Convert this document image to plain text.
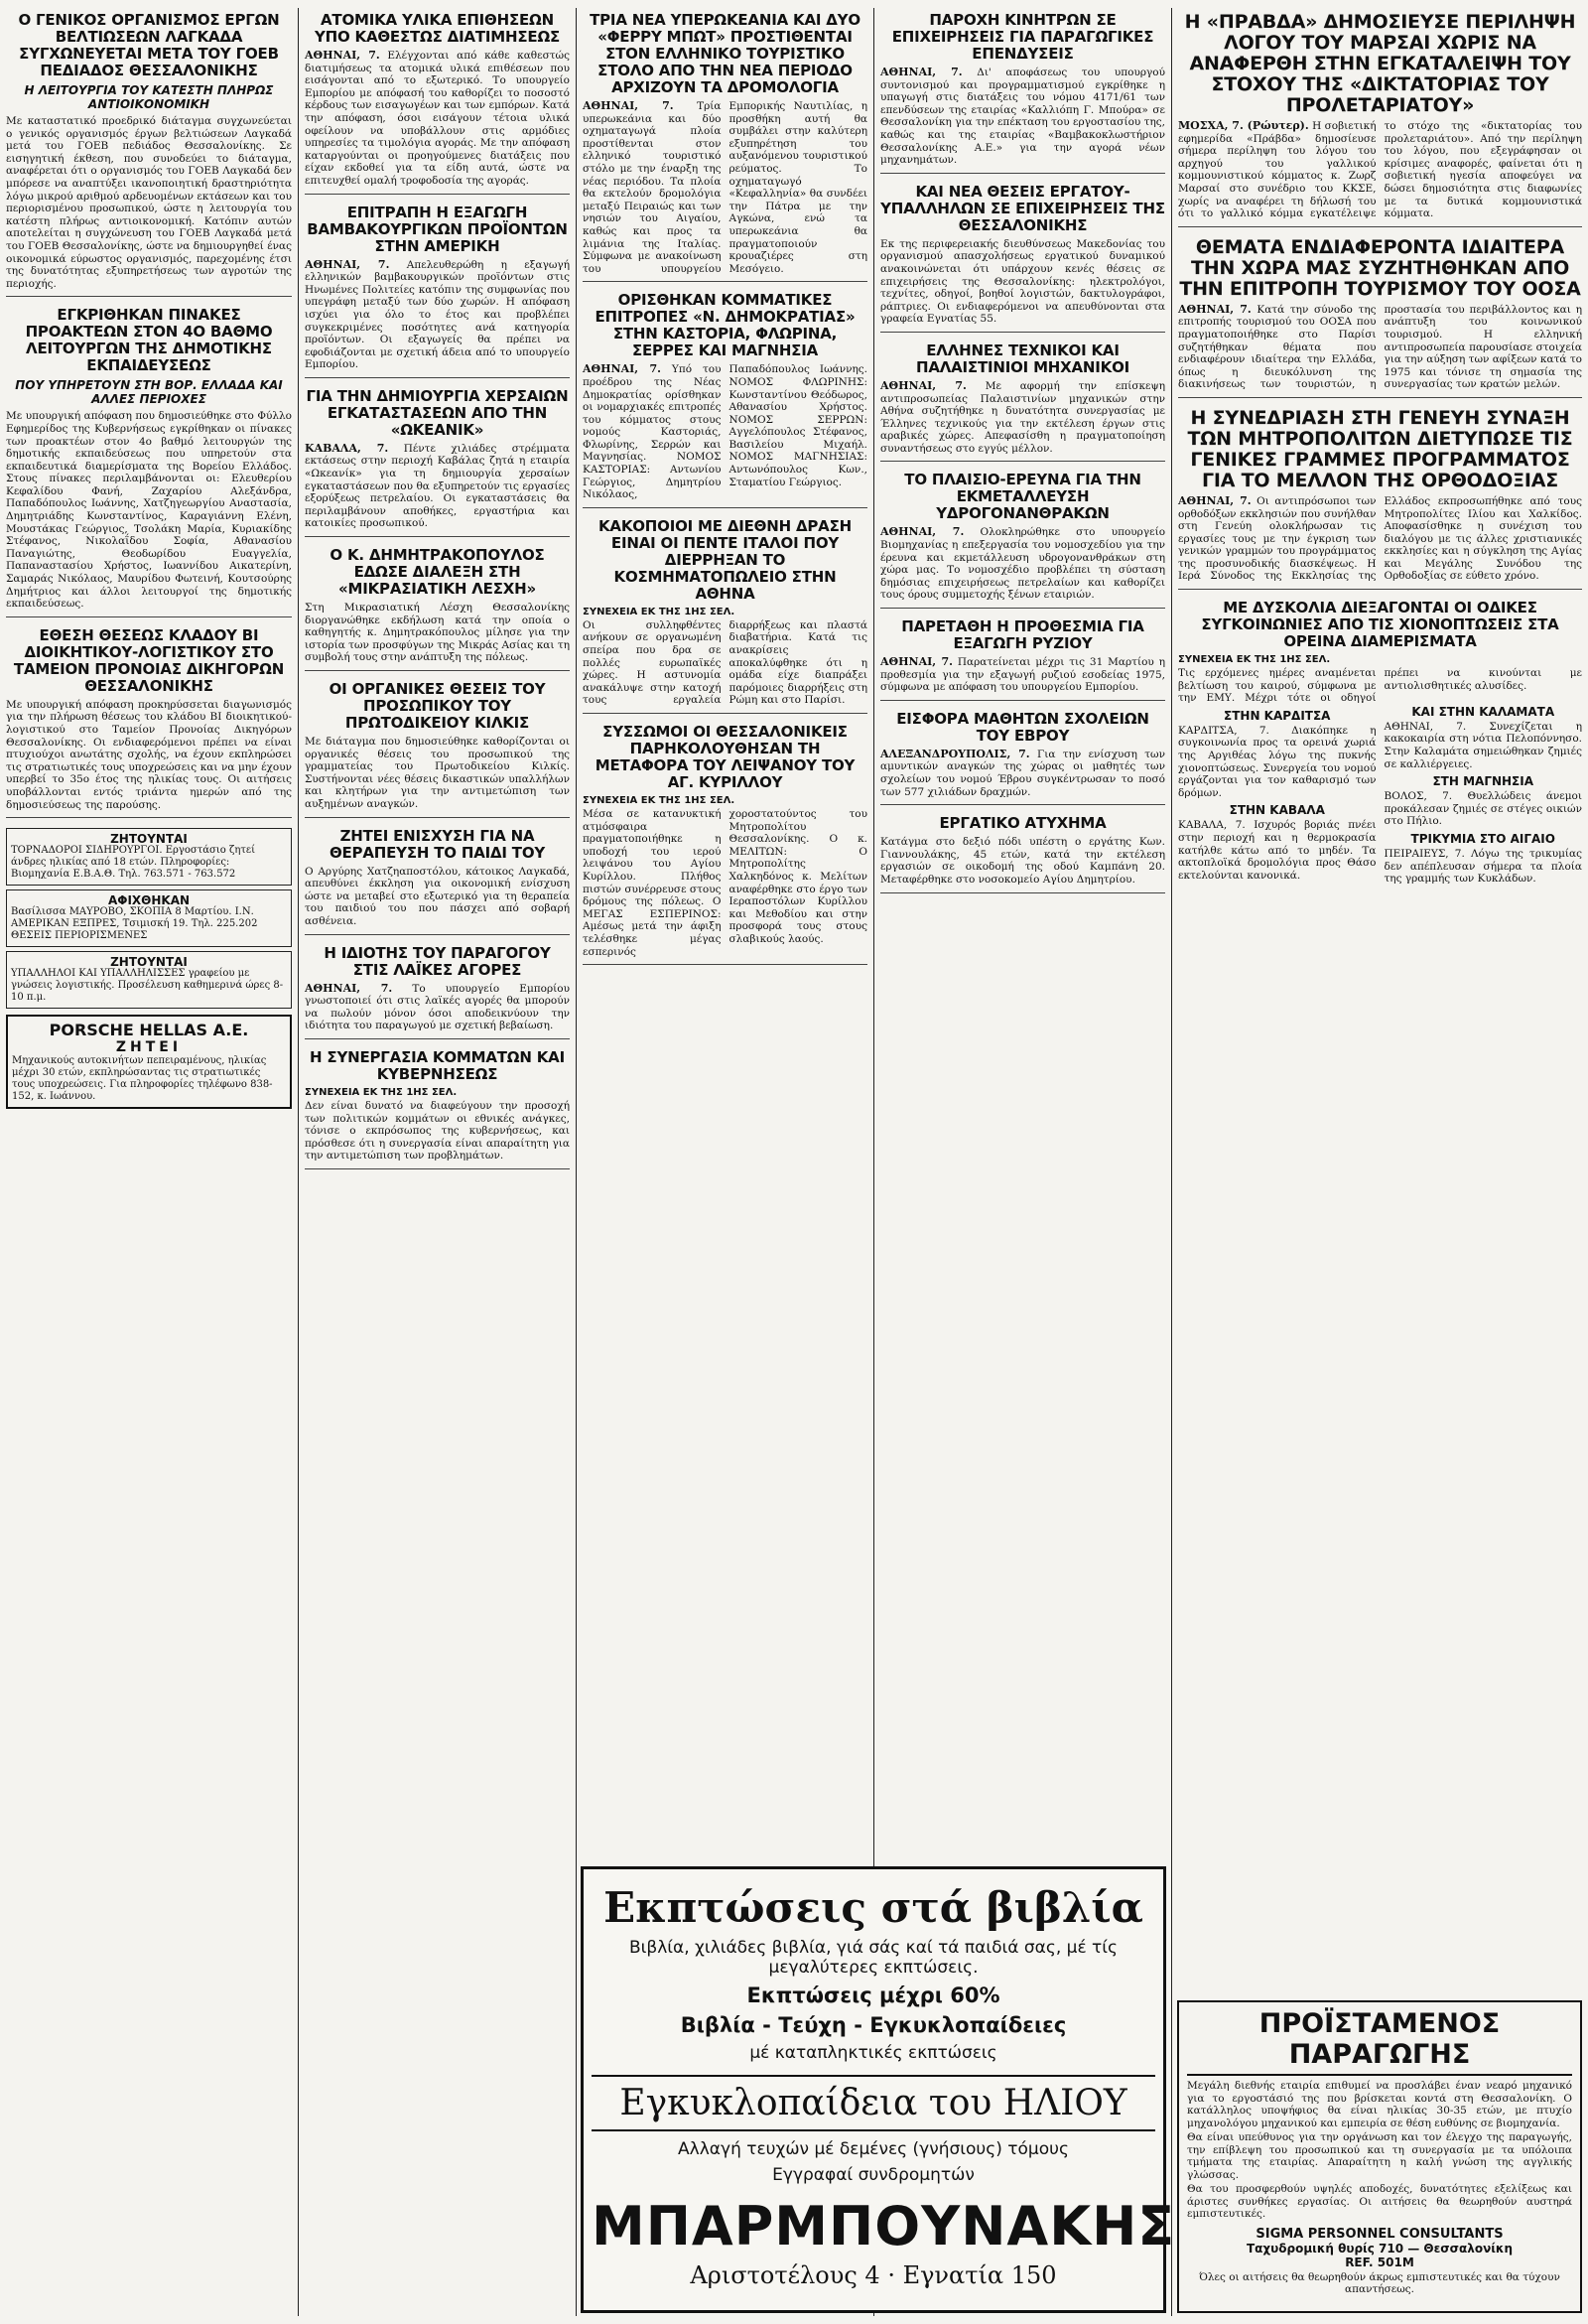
Ο ΓΕΝΙΚΟΣ ΟΡΓΑΝΙΣΜΟΣ ΕΡΓΩΝ ΒΕΛΤΙΩΣΕΩΝ ΛΑΓΚΑΔΑ ΣΥΓΧΩΝΕΥΕΤΑΙ ΜΕΤΑ ΤΟΥ ΓΟΕΒ ΠΕΔΙΑΔΟΣ ΘΕΣΣΑΛΟΝΙΚΗΣ
Η ΛΕΙΤΟΥΡΓΙΑ ΤΟΥ ΚΑΤΕΣΤΗ ΠΛΗΡΩΣ ΑΝΤΙΟΙΚΟΝΟΜΙΚΗ

Με καταστατικό προεδρικό διάταγμα συγχωνεύεται ο γενικός οργανισμός έργων βελτιώσεων Λαγκαδά μετά του ΓΟΕΒ πεδιάδος Θεσσαλονίκης. Σε εισηγητική έκθεση, που συνοδεύει το διάταγμα, αναφέρεται ότι ο οργανισμός του ΓΟΕΒ Λαγκαδά δεν μπόρεσε να αναπτύξει ικανοποιητική δραστηριότητα λόγω μικρού αριθμού αρδευομένων εκτάσεων και του περιορισμένου προσωπικού, ώστε η λειτουργία του κατέστη πλήρως αντιοικονομική. Κατόπιν αυτών αποτελείται η συγχώνευση του ΓΟΕΒ Λαγκαδά μετά του ΓΟΕΒ Θεσσαλονίκης, ώστε να δημιουργηθεί ένας οικονομικά εύρωστος οργανισμός, παρεχομένης έτσι της δυνατότητας εξυπηρετήσεως των αγροτών της περιοχής.

ΕΓΚΡΙΘΗΚΑΝ ΠΙΝΑΚΕΣ ΠΡΟΑΚΤΕΩΝ ΣΤΟΝ 4Ο ΒΑΘΜΟ ΛΕΙΤΟΥΡΓΩΝ ΤΗΣ ΔΗΜΟΤΙΚΗΣ ΕΚΠΑΙΔΕΥΣΕΩΣ
ΠΟΥ ΥΠΗΡΕΤΟΥΝ ΣΤΗ ΒΟΡ. ΕΛΛΑΔΑ ΚΑΙ ΑΛΛΕΣ ΠΕΡΙΟΧΕΣ

Με υπουργική απόφαση που δημοσιεύθηκε στο Φύλλο Εφημερίδος της Κυβερνήσεως εγκρίθηκαν οι πίνακες των προακτέων στον 4ο βαθμό λειτουργών της δημοτικής εκπαιδεύσεως που υπηρετούν στα εκπαιδευτικά διαμερίσματα της Βορείου Ελλάδος. Στους πίνακες περιλαμβάνονται οι: Ελευθερίου Κεφαλίδου Φανή, Ζαχαρίου Αλεξάνδρα, Παπαδόπουλος Ιωάννης, Χατζηγεωργίου Αναστασία, Δημητριάδης Κωνσταντίνος, Καραγιάννη Ελένη, Μουστάκας Γεώργιος, Τσολάκη Μαρία, Κυριακίδης Στέφανος, Νικολαΐδου Σοφία, Αθανασίου Παναγιώτης, Θεοδωρίδου Ευαγγελία, Παπαναστασίου Χρήστος, Ιωαννίδου Αικατερίνη, Σαμαράς Νικόλαος, Μαυρίδου Φωτεινή, Κουτσούρης Δημήτριος και άλλοι λειτουργοί της δημοτικής εκπαιδεύσεως.

ΕΘΕΣΗ ΘΕΣΕΩΣ ΚΛΑΔΟΥ ΒΙ ΔΙΟΙΚΗΤΙΚΟΥ-ΛΟΓΙΣΤΙΚΟΥ ΣΤΟ ΤΑΜΕΙΟΝ ΠΡΟΝΟΙΑΣ ΔΙΚΗΓΟΡΩΝ ΘΕΣΣΑΛΟΝΙΚΗΣ

Με υπουργική απόφαση προκηρύσσεται διαγωνισμός για την πλήρωση θέσεως του κλάδου ΒΙ διοικητικού-λογιστικού στο Ταμείον Προνοίας Δικηγόρων Θεσσαλονίκης. Οι ενδιαφερόμενοι πρέπει να είναι πτυχιούχοι ανωτάτης σχολής, να έχουν εκπληρώσει τις στρατιωτικές τους υποχρεώσεις και να μην έχουν υπερβεί το 35ο έτος της ηλικίας τους. Οι αιτήσεις υποβάλλονται εντός τριάντα ημερών από της δημοσιεύσεως της παρούσης.

ΖΗΤΟΥΝΤΑΙ
ΤΟΡΝΑΔΟΡΟΙ ΣΙΔΗΡΟΥΡΓΟΙ. Εργοστάσιο ζητεί άνδρες ηλικίας από 18 ετών. Πληροφορίες: Βιομηχανία Ε.Β.Α.Θ. Τηλ. 763.571 - 763.572
ΑΦΙΧΘΗΚΑΝ
Βασίλισσα ΜΑΥΡΟΒΟ, ΣΚΟΠΙΑ 8 Μαρτίου. Ι.Ν. ΑΜΕΡΙΚΑΝ ΕΞΠΡΕΣ, Τσιμισκή 19. Τηλ. 225.202 ΘΕΣΕΙΣ ΠΕΡΙΟΡΙΣΜΕΝΕΣ
ΖΗΤΟΥΝΤΑΙ
ΥΠΑΛΛΗΛΟΙ ΚΑΙ ΥΠΑΛΛΗΛΙΣΣΕΣ γραφείου με γνώσεις λογιστικής. Προσέλευση καθημερινά ώρες 8-10 π.μ.
PORSCHE HELLAS A.E.
ΖΗΤΕΙ
Μηχανικούς αυτοκινήτων πεπειραμένους, ηλικίας μέχρι 30 ετών, εκπληρώσαντας τις στρατιωτικές τους υποχρεώσεις. Για πληροφορίες τηλέφωνο 838-152, κ. Ιωάννου.
ΑΤΟΜΙΚΑ ΥΛΙΚΑ ΕΠΙΘΗΣΕΩΝ ΥΠΟ ΚΑΘΕΣΤΩΣ ΔΙΑΤΙΜΗΣΕΩΣ

ΑΘΗΝΑΙ, 7. Ελέγχονται από κάθε καθεστώς διατιμήσεως τα ατομικά υλικά επιθέσεων που εισάγονται από το εξωτερικό. Το υπουργείο Εμπορίου με απόφασή του καθορίζει το ποσοστό κέρδους των εισαγωγέων και των εμπόρων. Κατά την απόφαση, όσοι εισάγουν τέτοια υλικά οφείλουν να υποβάλλουν στις αρμόδιες υπηρεσίες τα τιμολόγια αγοράς. Με την απόφαση καταργούνται οι προηγούμενες διατάξεις που είχαν εκδοθεί για τα είδη αυτά, ώστε να επιτευχθεί ομαλή τροφοδοσία της αγοράς.

ΕΠΙΤΡΑΠΗ Η ΕΞΑΓΩΓΗ ΒΑΜΒΑΚΟΥΡΓΙΚΩΝ ΠΡΟΪΟΝΤΩΝ ΣΤΗΝ ΑΜΕΡΙΚΗ

ΑΘΗΝΑΙ, 7. Απελευθερώθη η εξαγωγή ελληνικών βαμβακουργικών προϊόντων στις Ηνωμένες Πολιτείες κατόπιν της συμφωνίας που υπεγράφη μεταξύ των δύο χωρών. Η απόφαση ισχύει για όλο το έτος και προβλέπει συγκεκριμένες ποσότητες ανά κατηγορία προϊόντων. Οι εξαγωγείς θα πρέπει να εφοδιάζονται με σχετική άδεια από το υπουργείο Εμπορίου.

ΓΙΑ ΤΗΝ ΔΗΜΙΟΥΡΓΙΑ ΧΕΡΣΑΙΩΝ ΕΓΚΑΤΑΣΤΑΣΕΩΝ ΑΠΟ ΤΗΝ «ΩΚΕΑΝΙΚ»

ΚΑΒΑΛΑ, 7. Πέντε χιλιάδες στρέμματα εκτάσεως στην περιοχή Καβάλας ζητά η εταιρία «Ωκεανίκ» για τη δημιουργία χερσαίων εγκαταστάσεων που θα εξυπηρετούν τις εργασίες εξορύξεως πετρελαίου. Οι εγκαταστάσεις θα περιλαμβάνουν αποθήκες, εργαστήρια και κατοικίες προσωπικού.

Ο Κ. ΔΗΜΗΤΡΑΚΟΠΟΥΛΟΣ ΕΔΩΣΕ ΔΙΑΛΕΞΗ ΣΤΗ «ΜΙΚΡΑΣΙΑΤΙΚΗ ΛΕΣΧΗ»

Στη Μικρασιατική Λέσχη Θεσσαλονίκης διοργανώθηκε εκδήλωση κατά την οποία ο καθηγητής κ. Δημητρακόπουλος μίλησε για την ιστορία των προσφύγων της Μικράς Ασίας και τη συμβολή τους στην ανάπτυξη της πόλεως.

ΟΙ ΟΡΓΑΝΙΚΕΣ ΘΕΣΕΙΣ ΤΟΥ ΠΡΟΣΩΠΙΚΟΥ ΤΟΥ ΠΡΩΤΟΔΙΚΕΙΟΥ ΚΙΛΚΙΣ

Με διάταγμα που δημοσιεύθηκε καθορίζονται οι οργανικές θέσεις του προσωπικού της γραμματείας του Πρωτοδικείου Κιλκίς. Συστήνονται νέες θέσεις δικαστικών υπαλλήλων και κλητήρων για την αντιμετώπιση των αυξημένων αναγκών.

ΖΗΤΕΙ ΕΝΙΣΧΥΣΗ ΓΙΑ ΝΑ ΘΕΡΑΠΕΥΣΗ ΤΟ ΠΑΙΔΙ ΤΟΥ

Ο Αργύρης Χατζηαποστόλου, κάτοικος Λαγκαδά, απευθύνει έκκληση για οικονομική ενίσχυση ώστε να μεταβεί στο εξωτερικό για τη θεραπεία του παιδιού του που πάσχει από σοβαρή ασθένεια.

Η ΙΔΙΟΤΗΣ ΤΟΥ ΠΑΡΑΓΟΓΟΥ ΣΤΙΣ ΛΑΪΚΕΣ ΑΓΟΡΕΣ

ΑΘΗΝΑΙ, 7. Το υπουργείο Εμπορίου γνωστοποιεί ότι στις λαϊκές αγορές θα μπορούν να πωλούν μόνον όσοι αποδεικνύουν την ιδιότητα του παραγωγού με σχετική βεβαίωση.

Η ΣΥΝΕΡΓΑΣΙΑ ΚΟΜΜΑΤΩΝ ΚΑΙ ΚΥΒΕΡΝΗΣΕΩΣ
ΣΥΝΕΧΕΙΑ ΕΚ ΤΗΣ 1ΗΣ ΣΕΛ.

Δεν είναι δυνατό να διαφεύγουν την προσοχή των πολιτικών κομμάτων οι εθνικές ανάγκες, τόνισε ο εκπρόσωπος της κυβερνήσεως, και πρόσθεσε ότι η συνεργασία είναι απαραίτητη για την αντιμετώπιση των προβλημάτων.

ΤΡΙΑ ΝΕΑ ΥΠΕΡΩΚΕΑΝΙΑ ΚΑΙ ΔΥΟ «ΦΕΡΡΥ ΜΠΩΤ» ΠΡΟΣΤΙΘΕΝΤΑΙ ΣΤΟΝ ΕΛΛΗΝΙΚΟ ΤΟΥΡΙΣΤΙΚΟ ΣΤΟΛΟ ΑΠΟ ΤΗΝ ΝΕΑ ΠΕΡΙΟΔΟ ΑΡΧΙΖΟΥΝ ΤΑ ΔΡΟΜΟΛΟΓΙΑ

ΑΘΗΝΑΙ, 7. Τρία υπερωκεάνια και δύο οχηματαγωγά πλοία προστίθενται στον ελληνικό τουριστικό στόλο με την έναρξη της νέας περιόδου. Τα πλοία θα εκτελούν δρομολόγια μεταξύ Πειραιώς και των νησιών του Αιγαίου, καθώς και προς τα λιμάνια της Ιταλίας. Σύμφωνα με ανακοίνωση του υπουργείου Εμπορικής Ναυτιλίας, η προσθήκη αυτή θα συμβάλει στην καλύτερη εξυπηρέτηση του αυξανόμενου τουριστικού ρεύματος. Το οχηματαγωγό «Κεφαλληνία» θα συνδέει την Πάτρα με την Αγκώνα, ενώ τα υπερωκεάνια θα πραγματοποιούν κρουαζιέρες στη Μεσόγειο.

ΟΡΙΣΘΗΚΑΝ ΚΟΜΜΑΤΙΚΕΣ ΕΠΙΤΡΟΠΕΣ «Ν. ΔΗΜΟΚΡΑΤΙΑΣ» ΣΤΗΝ ΚΑΣΤΟΡΙΑ, ΦΛΩΡΙΝΑ, ΣΕΡΡΕΣ ΚΑΙ ΜΑΓΝΗΣΙΑ

ΑΘΗΝΑΙ, 7. Υπό του προέδρου της Νέας Δημοκρατίας ορίσθηκαν οι νομαρχιακές επιτροπές του κόμματος στους νομούς Καστοριάς, Φλωρίνης, Σερρών και Μαγνησίας. ΝΟΜΟΣ ΚΑΣΤΟΡΙΑΣ: Αντωνίου Γεώργιος, Δημητρίου Νικόλαος, Παπαδόπουλος Ιωάννης. ΝΟΜΟΣ ΦΛΩΡΙΝΗΣ: Κωνσταντίνου Θεόδωρος, Αθανασίου Χρήστος. ΝΟΜΟΣ ΣΕΡΡΩΝ: Αγγελόπουλος Στέφανος, Βασιλείου Μιχαήλ. ΝΟΜΟΣ ΜΑΓΝΗΣΙΑΣ: Αντωνόπουλος Κων., Σταματίου Γεώργιος.

ΚΑΚΟΠΟΙΟΙ ΜΕ ΔΙΕΘΝΗ ΔΡΑΣΗ ΕΙΝΑΙ ΟΙ ΠΕΝΤΕ ΙΤΑΛΟΙ ΠΟΥ ΔΙΕΡΡΗΞΑΝ ΤΟ ΚΟΣΜΗΜΑΤΟΠΩΛΕΙΟ ΣΤΗΝ ΑΘΗΝΑ
ΣΥΝΕΧΕΙΑ ΕΚ ΤΗΣ 1ΗΣ ΣΕΛ.

Οι συλληφθέντες ανήκουν σε οργανωμένη σπείρα που δρα σε πολλές ευρωπαϊκές χώρες. Η αστυνομία ανακάλυψε στην κατοχή τους εργαλεία διαρρήξεως και πλαστά διαβατήρια. Κατά τις ανακρίσεις αποκαλύφθηκε ότι η ομάδα είχε διαπράξει παρόμοιες διαρρήξεις στη Ρώμη και στο Παρίσι.

ΣΥΣΣΩΜΟΙ ΟΙ ΘΕΣΣΑΛΟΝΙΚΕΙΣ ΠΑΡΗΚΟΛΟΥΘΗΣΑΝ ΤΗ ΜΕΤΑΦΟΡΑ ΤΟΥ ΛΕΙΨΑΝΟΥ ΤΟΥ ΑΓ. ΚΥΡΙΛΛΟΥ
ΣΥΝΕΧΕΙΑ ΕΚ ΤΗΣ 1ΗΣ ΣΕΛ.

Μέσα σε κατανυκτική ατμόσφαιρα πραγματοποιήθηκε η υποδοχή του ιερού λειψάνου του Αγίου Κυρίλλου. Πλήθος πιστών συνέρρευσε στους δρόμους της πόλεως. Ο ΜΕΓΑΣ ΕΣΠΕΡΙΝΟΣ: Αμέσως μετά την άφιξη τελέσθηκε μέγας εσπερινός χοροστατούντος του Μητροπολίτου Θεσσαλονίκης. Ο κ. ΜΕΛΙΤΩΝ: Ο Μητροπολίτης Χαλκηδόνος κ. Μελίτων αναφέρθηκε στο έργο των Ιεραποστόλων Κυρίλλου και Μεθοδίου και στην προσφορά τους στους σλαβικούς λαούς.

ΠΑΡΟΧΗ ΚΙΝΗΤΡΩΝ ΣΕ ΕΠΙΧΕΙΡΗΣΕΙΣ ΓΙΑ ΠΑΡΑΓΩΓΙΚΕΣ ΕΠΕΝΔΥΣΕΙΣ

ΑΘΗΝΑΙ, 7. Δι' αποφάσεως του υπουργού συντονισμού και προγραμματισμού εγκρίθηκε η υπαγωγή στις διατάξεις του νόμου 4171/61 των επενδύσεων της εταιρίας «Καλλιόπη Γ. Μπούρα» σε Θεσσαλονίκη για την επέκταση του εργοστασίου της, καθώς και της εταιρίας «Βαμβακοκλωστήριον Θεσσαλονίκης Α.Ε.» για την αγορά νέων μηχανημάτων.

ΚΑΙ ΝΕΑ ΘΕΣΕΙΣ ΕΡΓΑΤΟΥ-ΥΠΑΛΛΗΛΩΝ ΣΕ ΕΠΙΧΕΙΡΗΣΕΙΣ ΤΗΣ ΘΕΣΣΑΛΟΝΙΚΗΣ

Εκ της περιφερειακής διευθύνσεως Μακεδονίας του οργανισμού απασχολήσεως εργατικού δυναμικού ανακοινώνεται ότι υπάρχουν κενές θέσεις σε επιχειρήσεις της Θεσσαλονίκης: ηλεκτρολόγοι, τεχνίτες, οδηγοί, βοηθοί λογιστών, δακτυλογράφοι, ράπτριες. Οι ενδιαφερόμενοι να απευθύνονται στα γραφεία Εγνατίας 55.

ΕΛΛΗΝΕΣ ΤΕΧΝΙΚΟΙ ΚΑΙ ΠΑΛΑΙΣΤΙΝΙΟΙ ΜΗΧΑΝΙΚΟΙ

ΑΘΗΝΑΙ, 7. Με αφορμή την επίσκεψη αντιπροσωπείας Παλαιστινίων μηχανικών στην Αθήνα συζητήθηκε η δυνατότητα συνεργασίας με Έλληνες τεχνικούς για την εκτέλεση έργων στις αραβικές χώρες. Απεφασίσθη η πραγματοποίηση συναντήσεως στο εγγύς μέλλον.

ΤΟ ΠΛΑΙΣΙΟ-ΕΡΕΥΝΑ ΓΙΑ ΤΗΝ ΕΚΜΕΤΑΛΛΕΥΣΗ ΥΔΡΟΓΟΝΑΝΘΡΑΚΩΝ

ΑΘΗΝΑΙ, 7. Ολοκληρώθηκε στο υπουργείο Βιομηχανίας η επεξεργασία του νομοσχεδίου για την έρευνα και εκμετάλλευση υδρογονανθράκων στη χώρα μας. Το νομοσχέδιο προβλέπει τη σύσταση δημόσιας επιχειρήσεως πετρελαίων και καθορίζει τους όρους συμμετοχής ξένων εταιριών.

ΠΑΡΕΤΑΘΗ Η ΠΡΟΘΕΣΜΙΑ ΓΙΑ ΕΞΑΓΩΓΗ ΡΥΖΙΟΥ

ΑΘΗΝΑΙ, 7. Παρατείνεται μέχρι τις 31 Μαρτίου η προθεσμία για την εξαγωγή ρυζιού εσοδείας 1975, σύμφωνα με απόφαση του υπουργείου Εμπορίου.

ΕΙΣΦΟΡΑ ΜΑΘΗΤΩΝ ΣΧΟΛΕΙΩΝ ΤΟΥ ΕΒΡΟΥ

ΑΛΕΞΑΝΔΡΟΥΠΟΛΙΣ, 7. Για την ενίσχυση των αμυντικών αναγκών της χώρας οι μαθητές των σχολείων του νομού Έβρου συγκέντρωσαν το ποσό των 577 χιλιάδων δραχμών.

ΕΡΓΑΤΙΚΟ ΑΤΥΧΗΜΑ

Κατάγμα στο δεξιό πόδι υπέστη ο εργάτης Κων. Γιαννουλάκης, 45 ετών, κατά την εκτέλεση εργασιών σε οικοδομή της οδού Καμπάνη 20. Μεταφέρθηκε στο νοσοκομείο Αγίου Δημητρίου.

Η «ΠΡΑΒΔΑ» ΔΗΜΟΣΙΕΥΣΕ ΠΕΡΙΛΗΨΗ ΛΟΓΟΥ ΤΟΥ ΜΑΡΣΑΙ ΧΩΡΙΣ ΝΑ ΑΝΑΦΕΡΘΗ ΣΤΗΝ ΕΓΚΑΤΑΛΕΙΨΗ ΤΟΥ ΣΤΟΧΟΥ ΤΗΣ «ΔΙΚΤΑΤΟΡΙΑΣ ΤΟΥ ΠΡΟΛΕΤΑΡΙΑΤΟΥ»

ΜΟΣΧΑ, 7. (Ρώυτερ). Η σοβιετική εφημερίδα «Πράβδα» δημοσίευσε σήμερα περίληψη του λόγου του αρχηγού του γαλλικού κομμουνιστικού κόμματος κ. Ζωρζ Μαρσαί στο συνέδριο του ΚΚΣΕ, χωρίς να αναφέρει τη δήλωσή του ότι το γαλλικό κόμμα εγκατέλειψε το στόχο της «δικτατορίας του προλεταριάτου». Από την περίληψη του λόγου, που εξεγράφησαν οι κρίσιμες αναφορές, φαίνεται ότι η σοβιετική ηγεσία αποφεύγει να δώσει δημοσιότητα στις διαφωνίες με τα δυτικά κομμουνιστικά κόμματα.

ΘΕΜΑΤΑ ΕΝΔΙΑΦΕΡΟΝΤΑ ΙΔΙΑΙΤΕΡΑ ΤΗΝ ΧΩΡΑ ΜΑΣ ΣΥΖΗΤΗΘΗΚΑΝ ΑΠΟ ΤΗΝ ΕΠΙΤΡΟΠΗ ΤΟΥΡΙΣΜΟΥ ΤΟΥ ΟΟΣΑ

ΑΘΗΝΑΙ, 7. Κατά την σύνοδο της επιτροπής τουρισμού του ΟΟΣΑ που πραγματοποιήθηκε στο Παρίσι συζητήθηκαν θέματα που ενδιαφέρουν ιδιαίτερα την Ελλάδα, όπως η διευκόλυνση της διακινήσεως των τουριστών, η προστασία του περιβάλλοντος και η ανάπτυξη του κοινωνικού τουρισμού. Η ελληνική αντιπροσωπεία παρουσίασε στοιχεία για την αύξηση των αφίξεων κατά το 1975 και τόνισε τη σημασία της συνεργασίας των κρατών μελών.

Η ΣΥΝΕΔΡΙΑΣΗ ΣΤΗ ΓΕΝΕΥΗ ΣΥΝΑΞΗ ΤΩΝ ΜΗΤΡΟΠΟΛΙΤΩΝ ΔΙΕΤΥΠΩΣΕ ΤΙΣ ΓΕΝΙΚΕΣ ΓΡΑΜΜΕΣ ΠΡΟΓΡΑΜΜΑΤΟΣ ΓΙΑ ΤΟ ΜΕΛΛΟΝ ΤΗΣ ΟΡΘΟΔΟΞΙΑΣ

ΑΘΗΝΑΙ, 7. Οι αντιπρόσωποι των ορθοδόξων εκκλησιών που συνήλθαν στη Γενεύη ολοκλήρωσαν τις εργασίες τους με την έγκριση των γενικών γραμμών του προγράμματος της προσυνοδικής διασκέψεως. Η Ιερά Σύνοδος της Εκκλησίας της Ελλάδος εκπροσωπήθηκε από τους Μητροπολίτες Ιλίου και Χαλκίδος. Αποφασίσθηκε η συνέχιση του διαλόγου με τις άλλες χριστιανικές εκκλησίες και η σύγκληση της Αγίας και Μεγάλης Συνόδου της Ορθοδοξίας σε εύθετο χρόνο.

ΜΕ ΔΥΣΚΟΛΙΑ ΔΙΕΞΑΓΟΝΤΑΙ ΟΙ ΟΔΙΚΕΣ ΣΥΓΚΟΙΝΩΝΙΕΣ ΑΠΟ ΤΙΣ ΧΙΟΝΟΠΤΩΣΕΙΣ ΣΤΑ ΟΡΕΙΝΑ ΔΙΑΜΕΡΙΣΜΑΤΑ
ΣΥΝΕΧΕΙΑ ΕΚ ΤΗΣ 1ΗΣ ΣΕΛ.

Τις ερχόμενες ημέρες αναμένεται βελτίωση του καιρού, σύμφωνα με την ΕΜΥ. Μέχρι τότε οι οδηγοί πρέπει να κινούνται με αντιολισθητικές αλυσίδες.

ΣΤΗΝ ΚΑΡΔΙΤΣΑ

ΚΑΡΔΙΤΣΑ, 7. Διακόπηκε η συγκοινωνία προς τα ορεινά χωριά της Αργιθέας λόγω της πυκνής χιονοπτώσεως. Συνεργεία του νομού εργάζονται για τον καθαρισμό των δρόμων.

ΣΤΗΝ ΚΑΒΑΛΑ

ΚΑΒΑΛΑ, 7. Ισχυρός βοριάς πνέει στην περιοχή και η θερμοκρασία κατήλθε κάτω από το μηδέν. Τα ακτοπλοϊκά δρομολόγια προς Θάσο εκτελούνται κανονικά.

ΚΑΙ ΣΤΗΝ ΚΑΛΑΜΑΤΑ

ΑΘΗΝΑΙ, 7. Συνεχίζεται η κακοκαιρία στη νότια Πελοπόννησο. Στην Καλαμάτα σημειώθηκαν ζημιές σε καλλιέργειες.

ΣΤΗ ΜΑΓΝΗΣΙΑ

ΒΟΛΟΣ, 7. Θυελλώδεις άνεμοι προκάλεσαν ζημιές σε στέγες οικιών στο Πήλιο.

ΤΡΙΚΥΜΙΑ ΣΤΟ ΑΙΓΑΙΟ

ΠΕΙΡΑΙΕΥΣ, 7. Λόγω της τρικυμίας δεν απέπλευσαν σήμερα τα πλοία της γραμμής των Κυκλάδων.

Εκπτώσεις στά βιβλία
Βιβλία, χιλιάδες βιβλία, γιά σάς καί τά παιδιά σας, μέ τίς μεγαλύτερες εκπτώσεις.
Εκπτώσεις μέχρι 60%
Βιβλία - Τεύχη - Εγκυκλοπαίδειες
μέ καταπληκτικές εκπτώσεις
Εγκυκλοπαίδεια του ΗΛΙΟΥ
Αλλαγή τευχών μέ δεμένες (γνήσιους) τόμους
Εγγραφαί συνδρομητών
ΜΠΑΡΜΠΟΥΝΑΚΗΣ
Αριστοτέλους 4 · Εγνατία 150
ΠΡΟΪΣΤΑΜΕΝΟΣ ΠΑΡΑΓΩΓΗΣ

Μεγάλη διεθνής εταιρία επιθυμεί να προσλάβει έναν νεαρό μηχανικό για το εργοστάσιό της που βρίσκεται κοντά στη Θεσσαλονίκη. Ο κατάλληλος υποψήφιος θα είναι ηλικίας 30-35 ετών, με πτυχίο μηχανολόγου μηχανικού και εμπειρία σε θέση ευθύνης σε βιομηχανία.

Θα είναι υπεύθυνος για την οργάνωση και τον έλεγχο της παραγωγής, την επίβλεψη του προσωπικού και τη συνεργασία με τα υπόλοιπα τμήματα της εταιρίας. Απαραίτητη η καλή γνώση της αγγλικής γλώσσας.

Θα του προσφερθούν υψηλές αποδοχές, δυνατότητες εξελίξεως και άριστες συνθήκες εργασίας. Οι αιτήσεις θα θεωρηθούν αυστηρά εμπιστευτικές.

SIGMA PERSONNEL CONSULTANTS
Ταχυδρομική θυρίς 710 — Θεσσαλονίκη
REF. 501M

Όλες οι αιτήσεις θα θεωρηθούν άκρως εμπιστευτικές και θα τύχουν απαντήσεως.
